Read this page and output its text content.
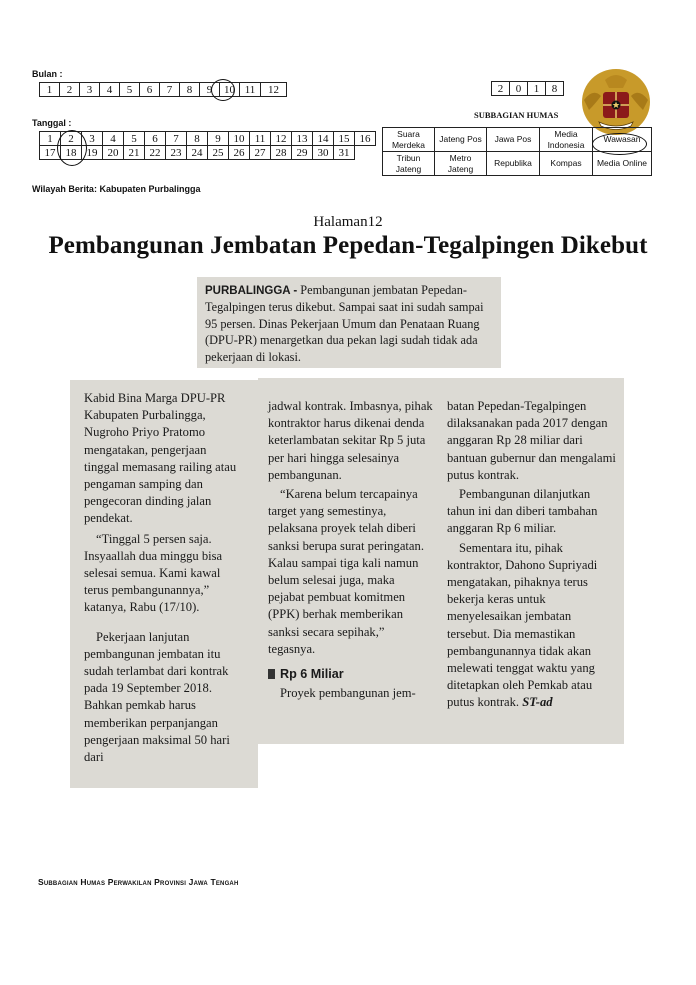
Bulan :
1	2	3	4	5	6	7	8	9	10	11	12
Tanggal :
1	2	3	4	5	6	7	8	9	10	11	12	13	14	15	16
17	18	19	20	21	22	23	24	25	26	27	28	29	30	31	
2	0	1	8
SUBBAGIAN HUMAS
Suara Merdeka	Jateng Pos	Jawa Pos	Media Indonesia	Wawasan
Tribun Jateng	Metro Jateng	Republika	Kompas	Media Online
Wilayah Berita: Kabupaten Purbalingga
Halaman12
Pembangunan Jembatan Pepedan-Tegalpingen Dikebut

PURBALINGGA - Pembangunan jembatan Pepedan-Tegalpingen terus dikebut. Sampai saat ini sudah sampai 95 persen. Dinas Pekerjaan Umum dan Penataan Ruang (DPU-PR) menargetkan dua pekan lagi sudah tidak ada pekerjaan di lokasi.

Kabid Bina Marga DPU-PR Kabupaten Purbalingga, Nugroho Priyo Pratomo mengatakan, pengerjaan tinggal memasang railing atau pengaman samping dan pengecoran dinding jalan pendekat.

“Tinggal 5 persen saja. Insyaallah dua minggu bisa selesai semua. Kami kawal terus pembangunannya,” katanya, Rabu (17/10).

Pekerjaan lanjutan pembangunan jembatan itu sudah terlambat dari kontrak pada 19 September 2018. Bahkan pemkab harus memberikan perpanjangan pengerjaan maksimal 50 hari dari

jadwal kontrak. Imbasnya, pihak kontraktor harus dikenai denda keterlambatan sekitar Rp 5 juta per hari hingga selesainya pembangunan.

“Karena belum tercapainya target yang semestinya, pelaksana proyek telah diberi sanksi berupa surat peringatan. Kalau sampai tiga kali namun belum selesai juga, maka pejabat pembuat komitmen (PPK) berhak memberikan sanksi secara sepihak,” tegasnya.

Rp 6 Miliar

Proyek pembangunan jem-

batan Pepedan-Tegalpingen dilaksanakan pada 2017 dengan anggaran Rp 28 miliar dari bantuan gubernur dan mengalami putus kontrak.

Pembangunan dilanjutkan tahun ini dan diberi tambahan anggaran Rp 6 miliar.

Sementara itu, pihak kontraktor, Dahono Supriyadi mengatakan, pihaknya terus bekerja keras untuk menyelesaikan jembatan tersebut. Dia memastikan pembangunannya tidak akan melewati tenggat waktu yang ditetapkan oleh Pemkab atau putus kontrak. ST-ad

Subbagian Humas Perwakilan Provinsi Jawa Tengah
